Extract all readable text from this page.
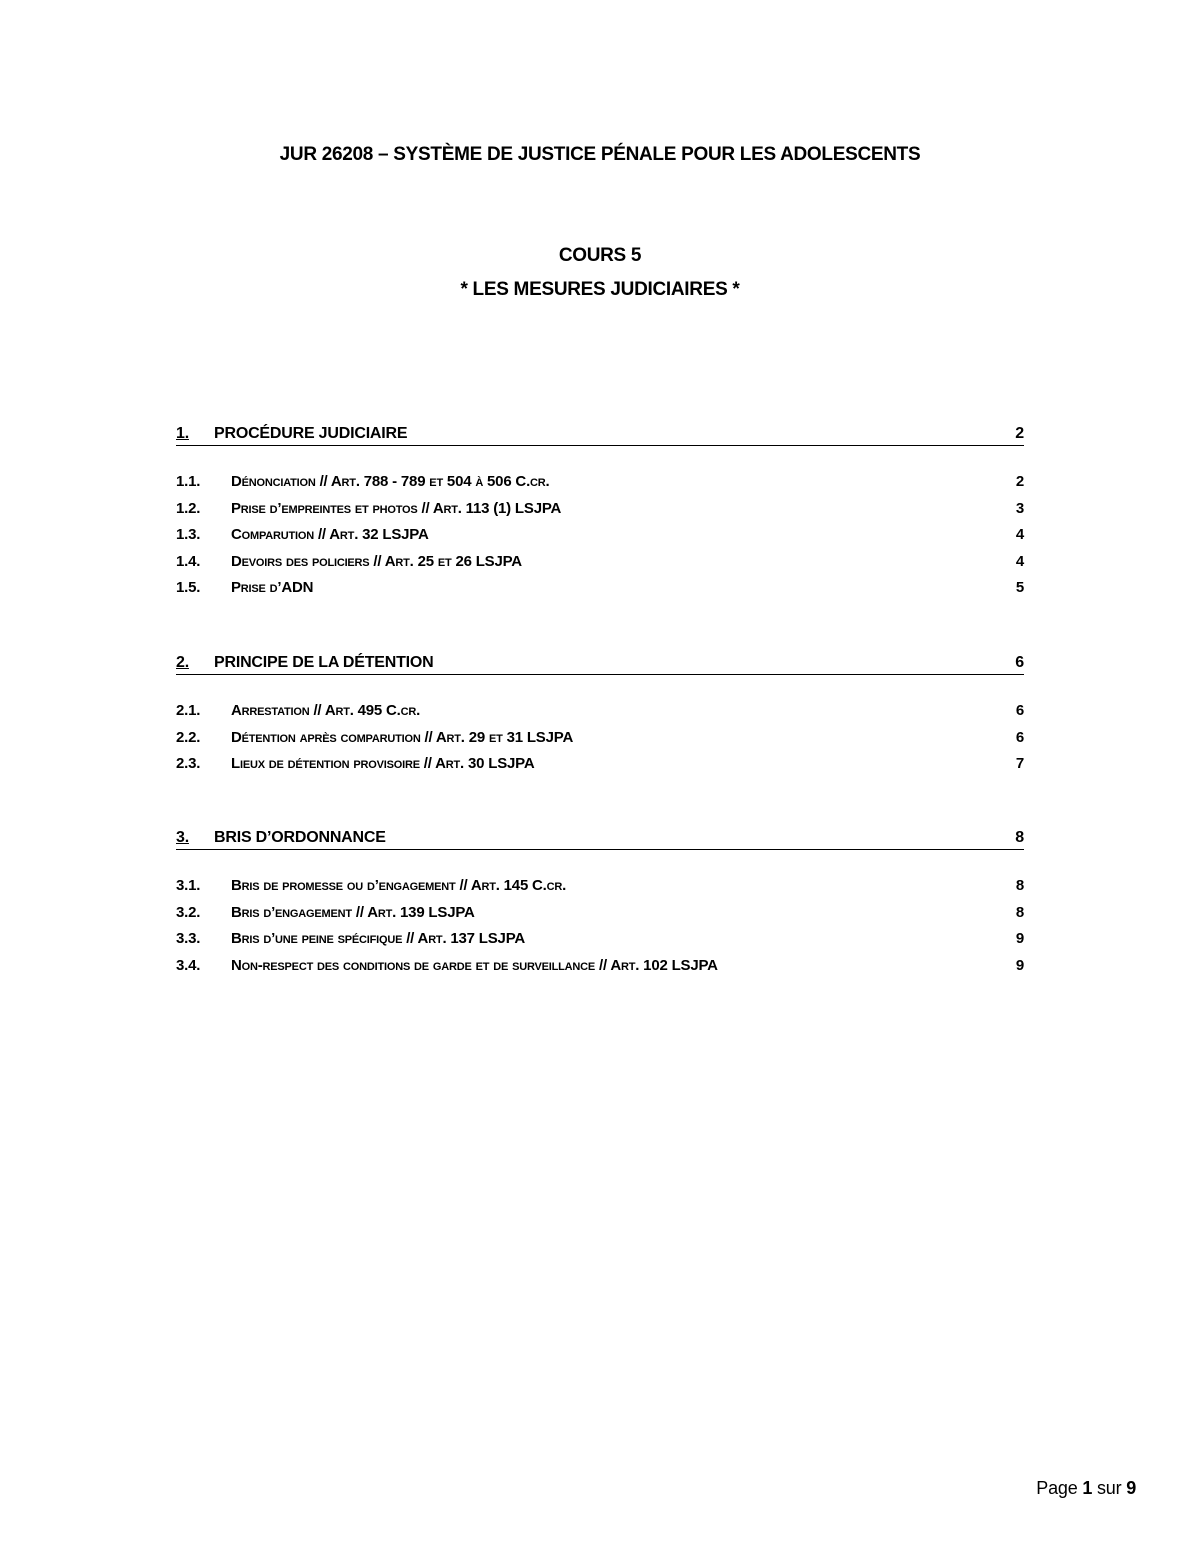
JUR 26208 – SYSTÈME DE JUSTICE PÉNALE POUR LES ADOLESCENTS
COURS 5
* LES MESURES JUDICIAIRES *
1. PROCÉDURE JUDICIAIRE	2
1.1. Dénonciation // Art. 788 - 789 et 504 à 506 C.cr.	2
1.2. Prise d’empreintes et photos // Art. 113 (1) LSJPA	3
1.3. Comparution // Art. 32 LSJPA	4
1.4. Devoirs des policiers // Art. 25 et 26 LSJPA	4
1.5. Prise d’ADN	5
2. PRINCIPE DE LA DÉTENTION	6
2.1. Arrestation // Art. 495 C.cr.	6
2.2. Détention après comparution // Art. 29 et 31 LSJPA	6
2.3. Lieux de détention provisoire // Art. 30 LSJPA	7
3. BRIS D’ORDONNANCE	8
3.1. Bris de promesse ou d’engagement // Art. 145 C.cr.	8
3.2. Bris d’engagement // Art. 139 LSJPA	8
3.3. Bris d’une peine spécifique // Art. 137 LSJPA	9
3.4. Non-respect des conditions de garde et de surveillance // Art. 102 LSJPA	9
Page 1 sur 9
